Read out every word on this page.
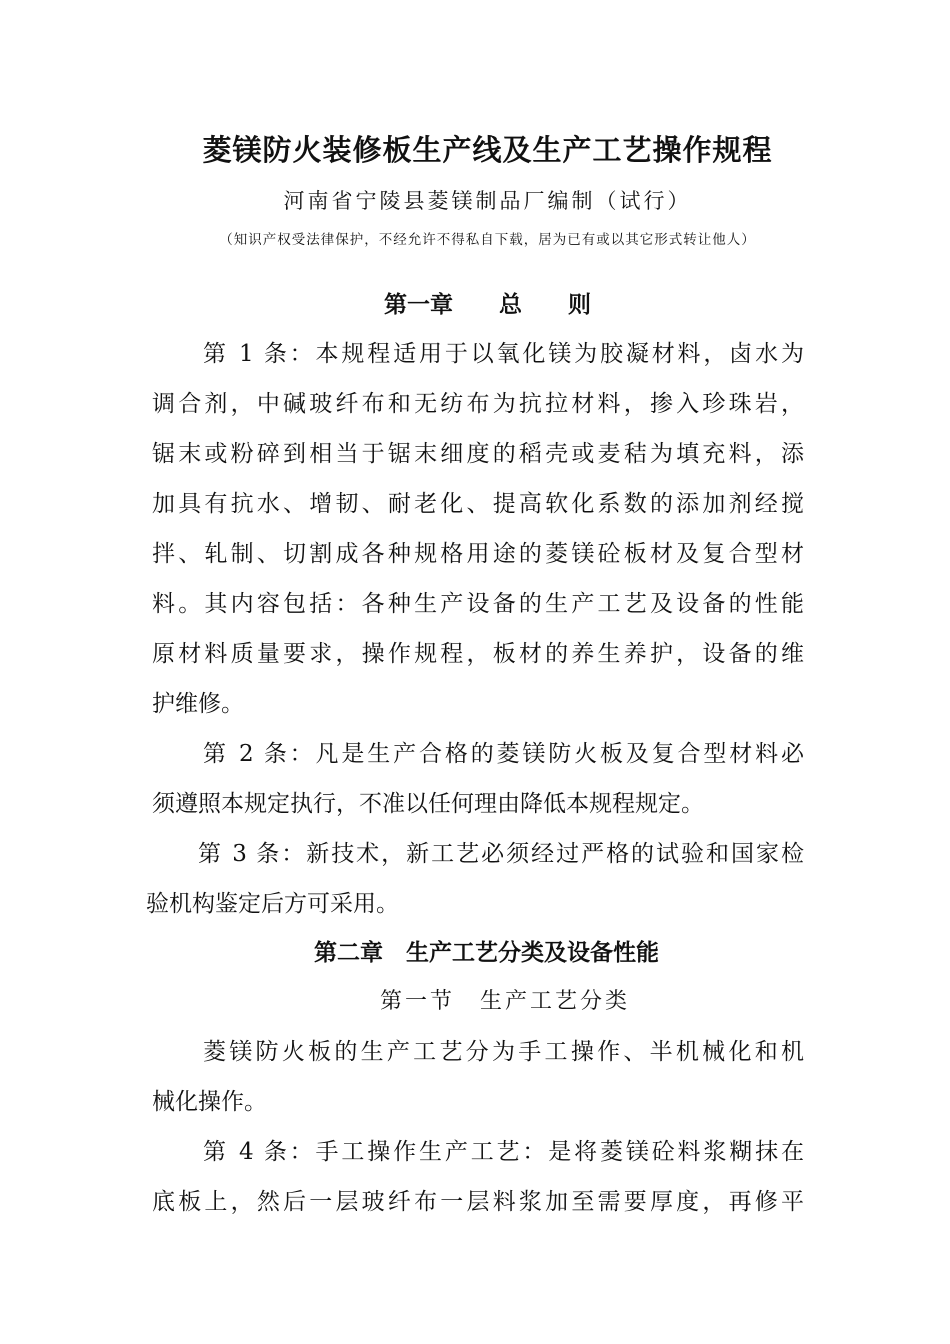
菱镁防火装修板生产线及生产工艺操作规程
河南省宁陵县菱镁制品厂编制（试行）
（知识产权受法律保护，不经允许不得私自下载，居为已有或以其它形式转让他人）
第一章　　总　　则
第 1 条：本规程适用于以氧化镁为胶凝材料，卤水为
调合剂，中碱玻纤布和无纺布为抗拉材料，掺入珍珠岩，
锯末或粉碎到相当于锯末细度的稻壳或麦秸为填充料，添
加具有抗水、增韧、耐老化、提高软化系数的添加剂经搅
拌、轧制、切割成各种规格用途的菱镁砼板材及复合型材
料。其内容包括：各种生产设备的生产工艺及设备的性能
原材料质量要求，操作规程，板材的养生养护，设备的维
护维修。
第 2 条：凡是生产合格的菱镁防火板及复合型材料必
须遵照本规定执行，不准以任何理由降低本规程规定。
第 3 条：新技术，新工艺必须经过严格的试验和国家检
验机构鉴定后方可采用。
第二章　生产工艺分类及设备性能
第一节　生产工艺分类
菱镁防火板的生产工艺分为手工操作、半机械化和机
械化操作。
第 4 条：手工操作生产工艺：是将菱镁砼料浆糊抹在
底板上，然后一层玻纤布一层料浆加至需要厚度，再修平
